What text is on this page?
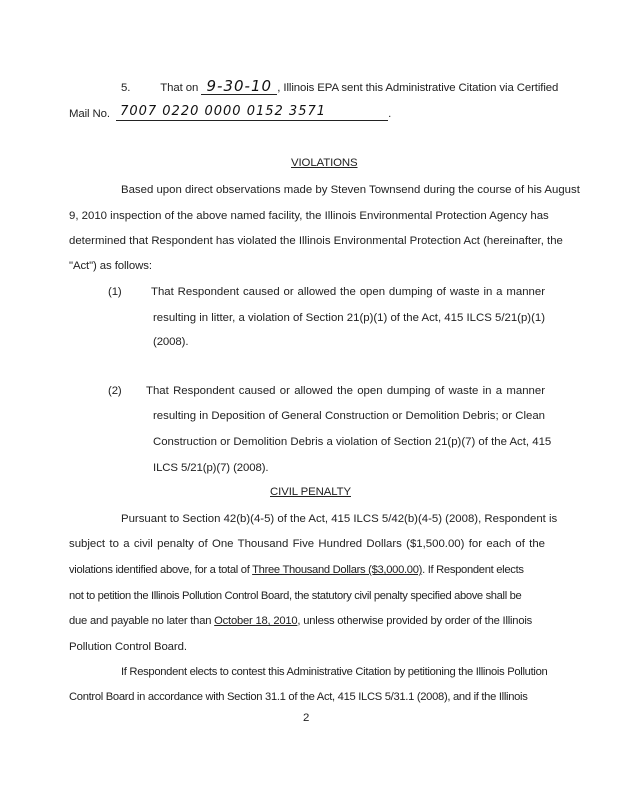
5.	That on 9-30-10 , Illinois EPA sent this Administrative Citation via Certified
Mail No. 7007 0220 0000 0152 3571	.
VIOLATIONS
Based upon direct observations made by Steven Townsend during the course of his August
9, 2010 inspection of the above named facility, the Illinois Environmental Protection Agency has
determined that Respondent has violated the Illinois Environmental Protection Act (hereinafter, the
"Act") as follows:
(1)	That Respondent caused or allowed the open dumping of waste in a manner
resulting in litter, a violation of Section 21(p)(1) of the Act, 415 ILCS 5/21(p)(1)
(2008).
(2) That Respondent caused or allowed the open dumping of waste in a manner
resulting in Deposition of General Construction or Demolition Debris; or Clean
Construction or Demolition Debris a violation of Section 21(p)(7) of the Act, 415
ILCS 5/21(p)(7) (2008).
CIVIL PENALTY
Pursuant to Section 42(b)(4-5) of the Act, 415 ILCS 5/42(b)(4-5) (2008), Respondent is
subject to a civil penalty of One Thousand Five Hundred Dollars ($1,500.00) for each of the
violations identified above, for a total of Three Thousand Dollars ($3,000.00). If Respondent elects
not to petition the Illinois Pollution Control Board, the statutory civil penalty specified above shall be
due and payable no later than October 18, 2010, unless otherwise provided by order of the Illinois
Pollution Control Board.
If Respondent elects to contest this Administrative Citation by petitioning the Illinois Pollution
Control Board in accordance with Section 31.1 of the Act, 415 ILCS 5/31.1 (2008), and if the Illinois
2
